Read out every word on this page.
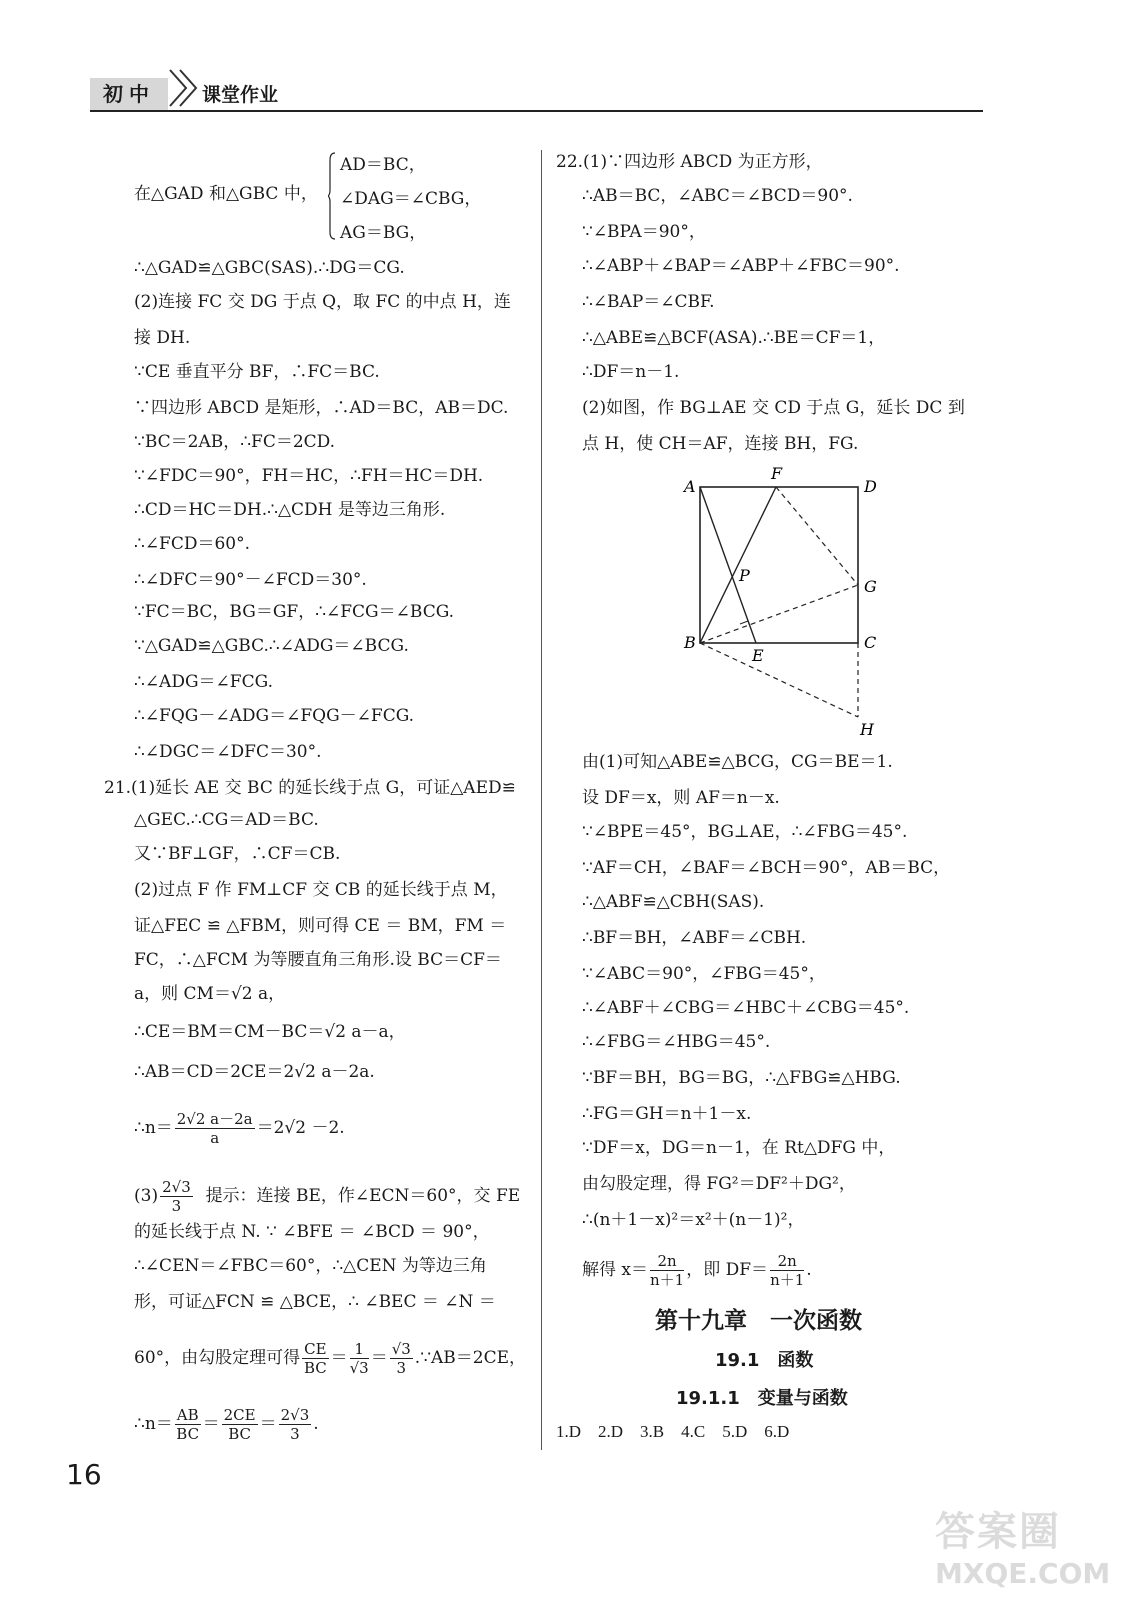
初中	课堂作业
在△GAD 和△GBC 中，
AD＝BC，
∠DAG＝∠CBG，
AG＝BG，
∴△GAD≌△GBC(SAS).∴DG＝CG.
(2)连接 FC 交 DG 于点 Q，取 FC 的中点 H，连
接 DH.
∵CE 垂直平分 BF，∴FC＝BC.
∵四边形 ABCD 是矩形，∴AD＝BC，AB＝DC.
∵BC＝2AB，∴FC＝2CD.
∵∠FDC＝90°，FH＝HC，∴FH＝HC＝DH.
∴CD＝HC＝DH.∴△CDH 是等边三角形.
∴∠FCD＝60°.
∴∠DFC＝90°－∠FCD＝30°.
∵FC＝BC，BG＝GF，∴∠FCG＝∠BCG.
∵△GAD≌△GBC.∴∠ADG＝∠BCG.
∴∠ADG＝∠FCG.
∴∠FQG－∠ADG＝∠FQG－∠FCG.
∴∠DGC＝∠DFC＝30°.
21.(1)延长 AE 交 BC 的延长线于点 G，可证△AED≌
△GEC.∴CG＝AD＝BC.
又∵BF⊥GF，∴CF＝CB.
(2)过点 F 作 FM⊥CF 交 CB 的延长线于点 M，
证△FEC ≌ △FBM，则可得 CE ＝ BM，FM ＝
FC，∴△FCM 为等腰直角三角形.设 BC＝CF＝
a，则 CM＝√2 a，
∴CE＝BM＝CM－BC＝√2 a－a，
∴AB＝CD＝2CE＝2√2 a－2a.
∴n＝ $\frac{2√2 a-2a}{a} =2√2 -2$.
$(3) \frac{2√3}{3}$ 提示：连接 BE，作∠ECN＝60°，交 FE
的延长线于点 N. ∵ ∠BFE ＝ ∠BCD ＝ 90°，
∴∠CEN＝∠FBC＝60°，∴△CEN 为等边三角
形，可证△FCN ≌ △BCE，∴ ∠BEC ＝ ∠N ＝
60°，由勾股定理可得 $\frac{CE}{BC} = \frac{1}{√3} = \frac{√3}{3}$ .∵AB＝2CE，
∴n＝ $\frac{AB}{BC} = \frac{2CE}{BC} = \frac{2√3}{3}$ .
22.(1)∵四边形 ABCD 为正方形，
∴AB＝BC，∠ABC＝∠BCD＝90°.
∵∠BPA＝90°，
∴∠ABP＋∠BAP＝∠ABP＋∠FBC＝90°.
∴∠BAP＝∠CBF.
∴△ABE≌△BCF(ASA).∴BE＝CF＝1，
∴DF＝n－1.
(2)如图，作 BG⊥AE 交 CD 于点 G，延长 DC 到
点 H，使 CH＝AF，连接 BH，FG.
A
F
D
P
G
B
E
C
H
由(1)可知△ABE≌△BCG，CG＝BE＝1.
设 DF＝x，则 AF＝n－x.
∵∠BPE＝45°，BG⊥AE，∴∠FBG＝45°.
∵AF＝CH，∠BAF＝∠BCH＝90°，AB＝BC，
∴△ABF≌△CBH(SAS).
∴BF＝BH，∠ABF＝∠CBH.
∵∠ABC＝90°，∠FBG＝45°，
∴∠ABF＋∠CBG＝∠HBC＋∠CBG＝45°.
∴∠FBG＝∠HBG＝45°.
∵BF＝BH，BG＝BG，∴△FBG≌△HBG.
∴FG＝GH＝n＋1－x.
∵DF＝x，DG＝n－1，在 Rt△DFG 中，
由勾股定理，得 FG²＝DF²＋DG²，
∴(n＋1－x)²＝x²＋(n－1)²，
解得 $x= \frac{2n}{n+1}$ ，即 $DF= \frac{2n}{n+1}$ .
第十九章　一次函数
19.1　函数
19.1.1　变量与函数
1.D　2.D　3.B　4.C　5.D　6.D
16
答案圈
MXQE.COM
